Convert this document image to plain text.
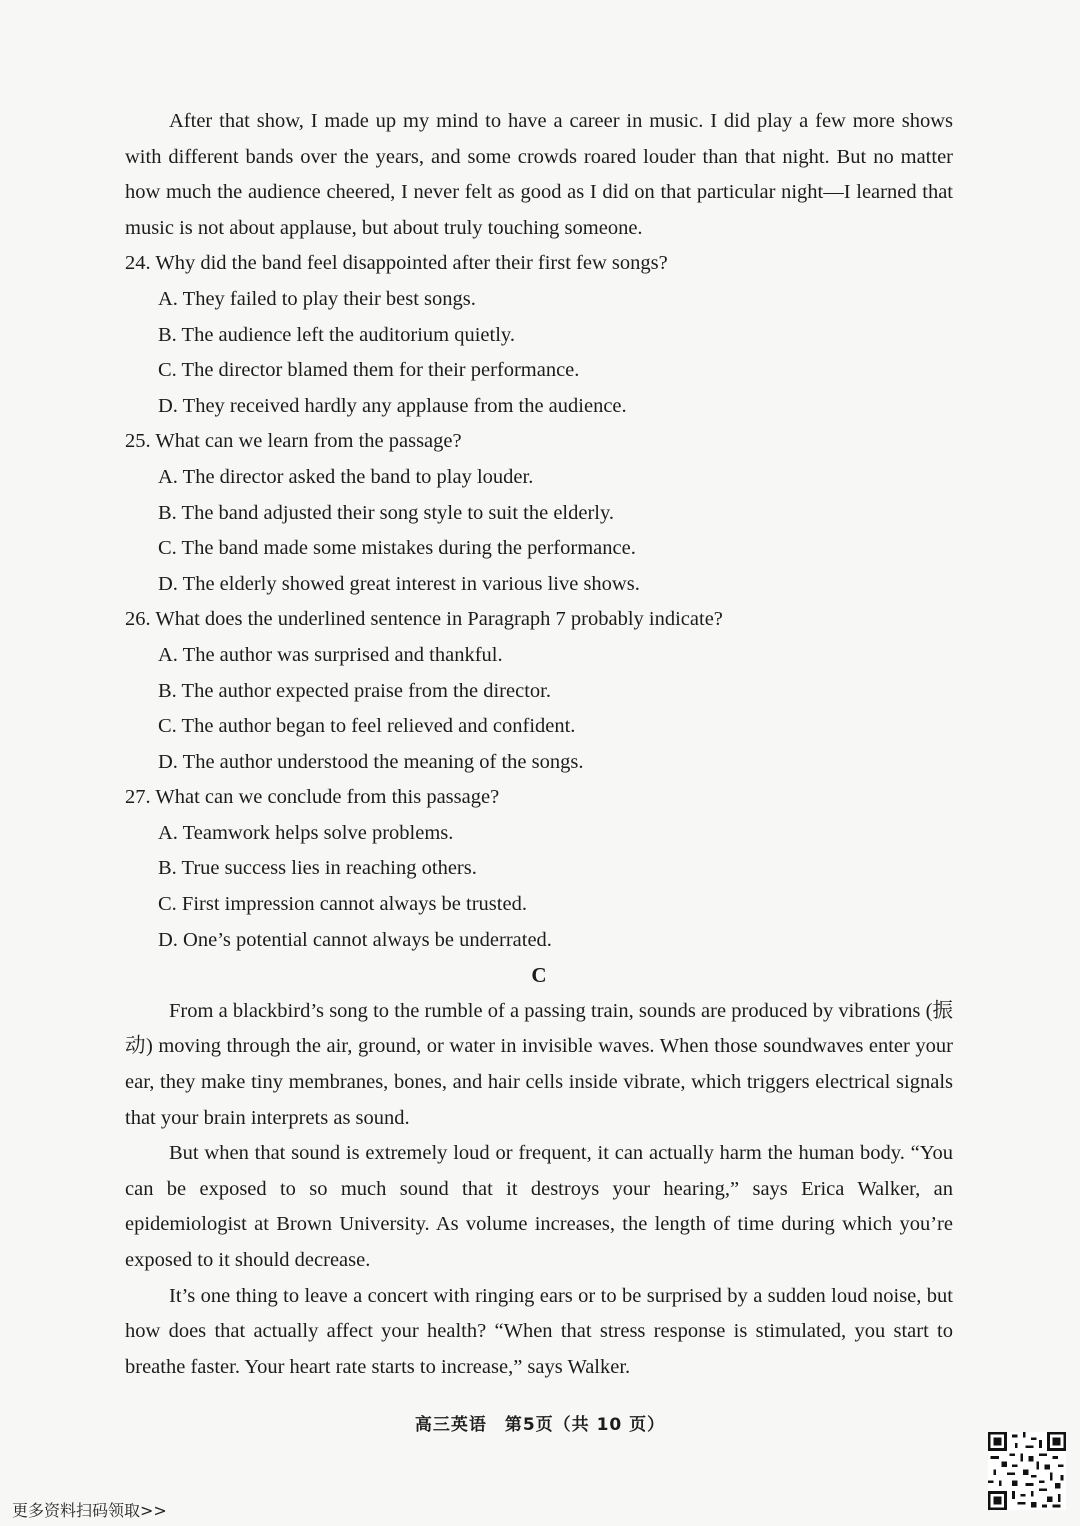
After that show, I made up my mind to have a career in music. I did play a few more shows with different bands over the years, and some crowds roared louder than that night. But no matter how much the audience cheered, I never felt as good as I did on that particular night—I learned that music is not about applause, but about truly touching someone.

24. Why did the band feel disappointed after their first few songs?
A. They failed to play their best songs.
B. The audience left the auditorium quietly.
C. The director blamed them for their performance.
D. They received hardly any applause from the audience.
25. What can we learn from the passage?
A. The director asked the band to play louder.
B. The band adjusted their song style to suit the elderly.
C. The band made some mistakes during the performance.
D. The elderly showed great interest in various live shows.
26. What does the underlined sentence in Paragraph 7 probably indicate?
A. The author was surprised and thankful.
B. The author expected praise from the director.
C. The author began to feel relieved and confident.
D. The author understood the meaning of the songs.
27. What can we conclude from this passage?
A. Teamwork helps solve problems.
B. True success lies in reaching others.
C. First impression cannot always be trusted.
D. One’s potential cannot always be underrated.
C

From a blackbird’s song to the rumble of a passing train, sounds are produced by vibrations (振动) moving through the air, ground, or water in invisible waves. When those soundwaves enter your ear, they make tiny membranes, bones, and hair cells inside vibrate, which triggers electrical signals that your brain interprets as sound.

But when that sound is extremely loud or frequent, it can actually harm the human body. “You can be exposed to so much sound that it destroys your hearing,” says Erica Walker, an epidemiologist at Brown University. As volume increases, the length of time during which you’re exposed to it should decrease.

It’s one thing to leave a concert with ringing ears or to be surprised by a sudden loud noise, but how does that actually affect your health? “When that stress response is stimulated, you start to breathe faster. Your heart rate starts to increase,” says Walker.

高三英语　第5页（共 10 页）
更多资料扫码领取>>
